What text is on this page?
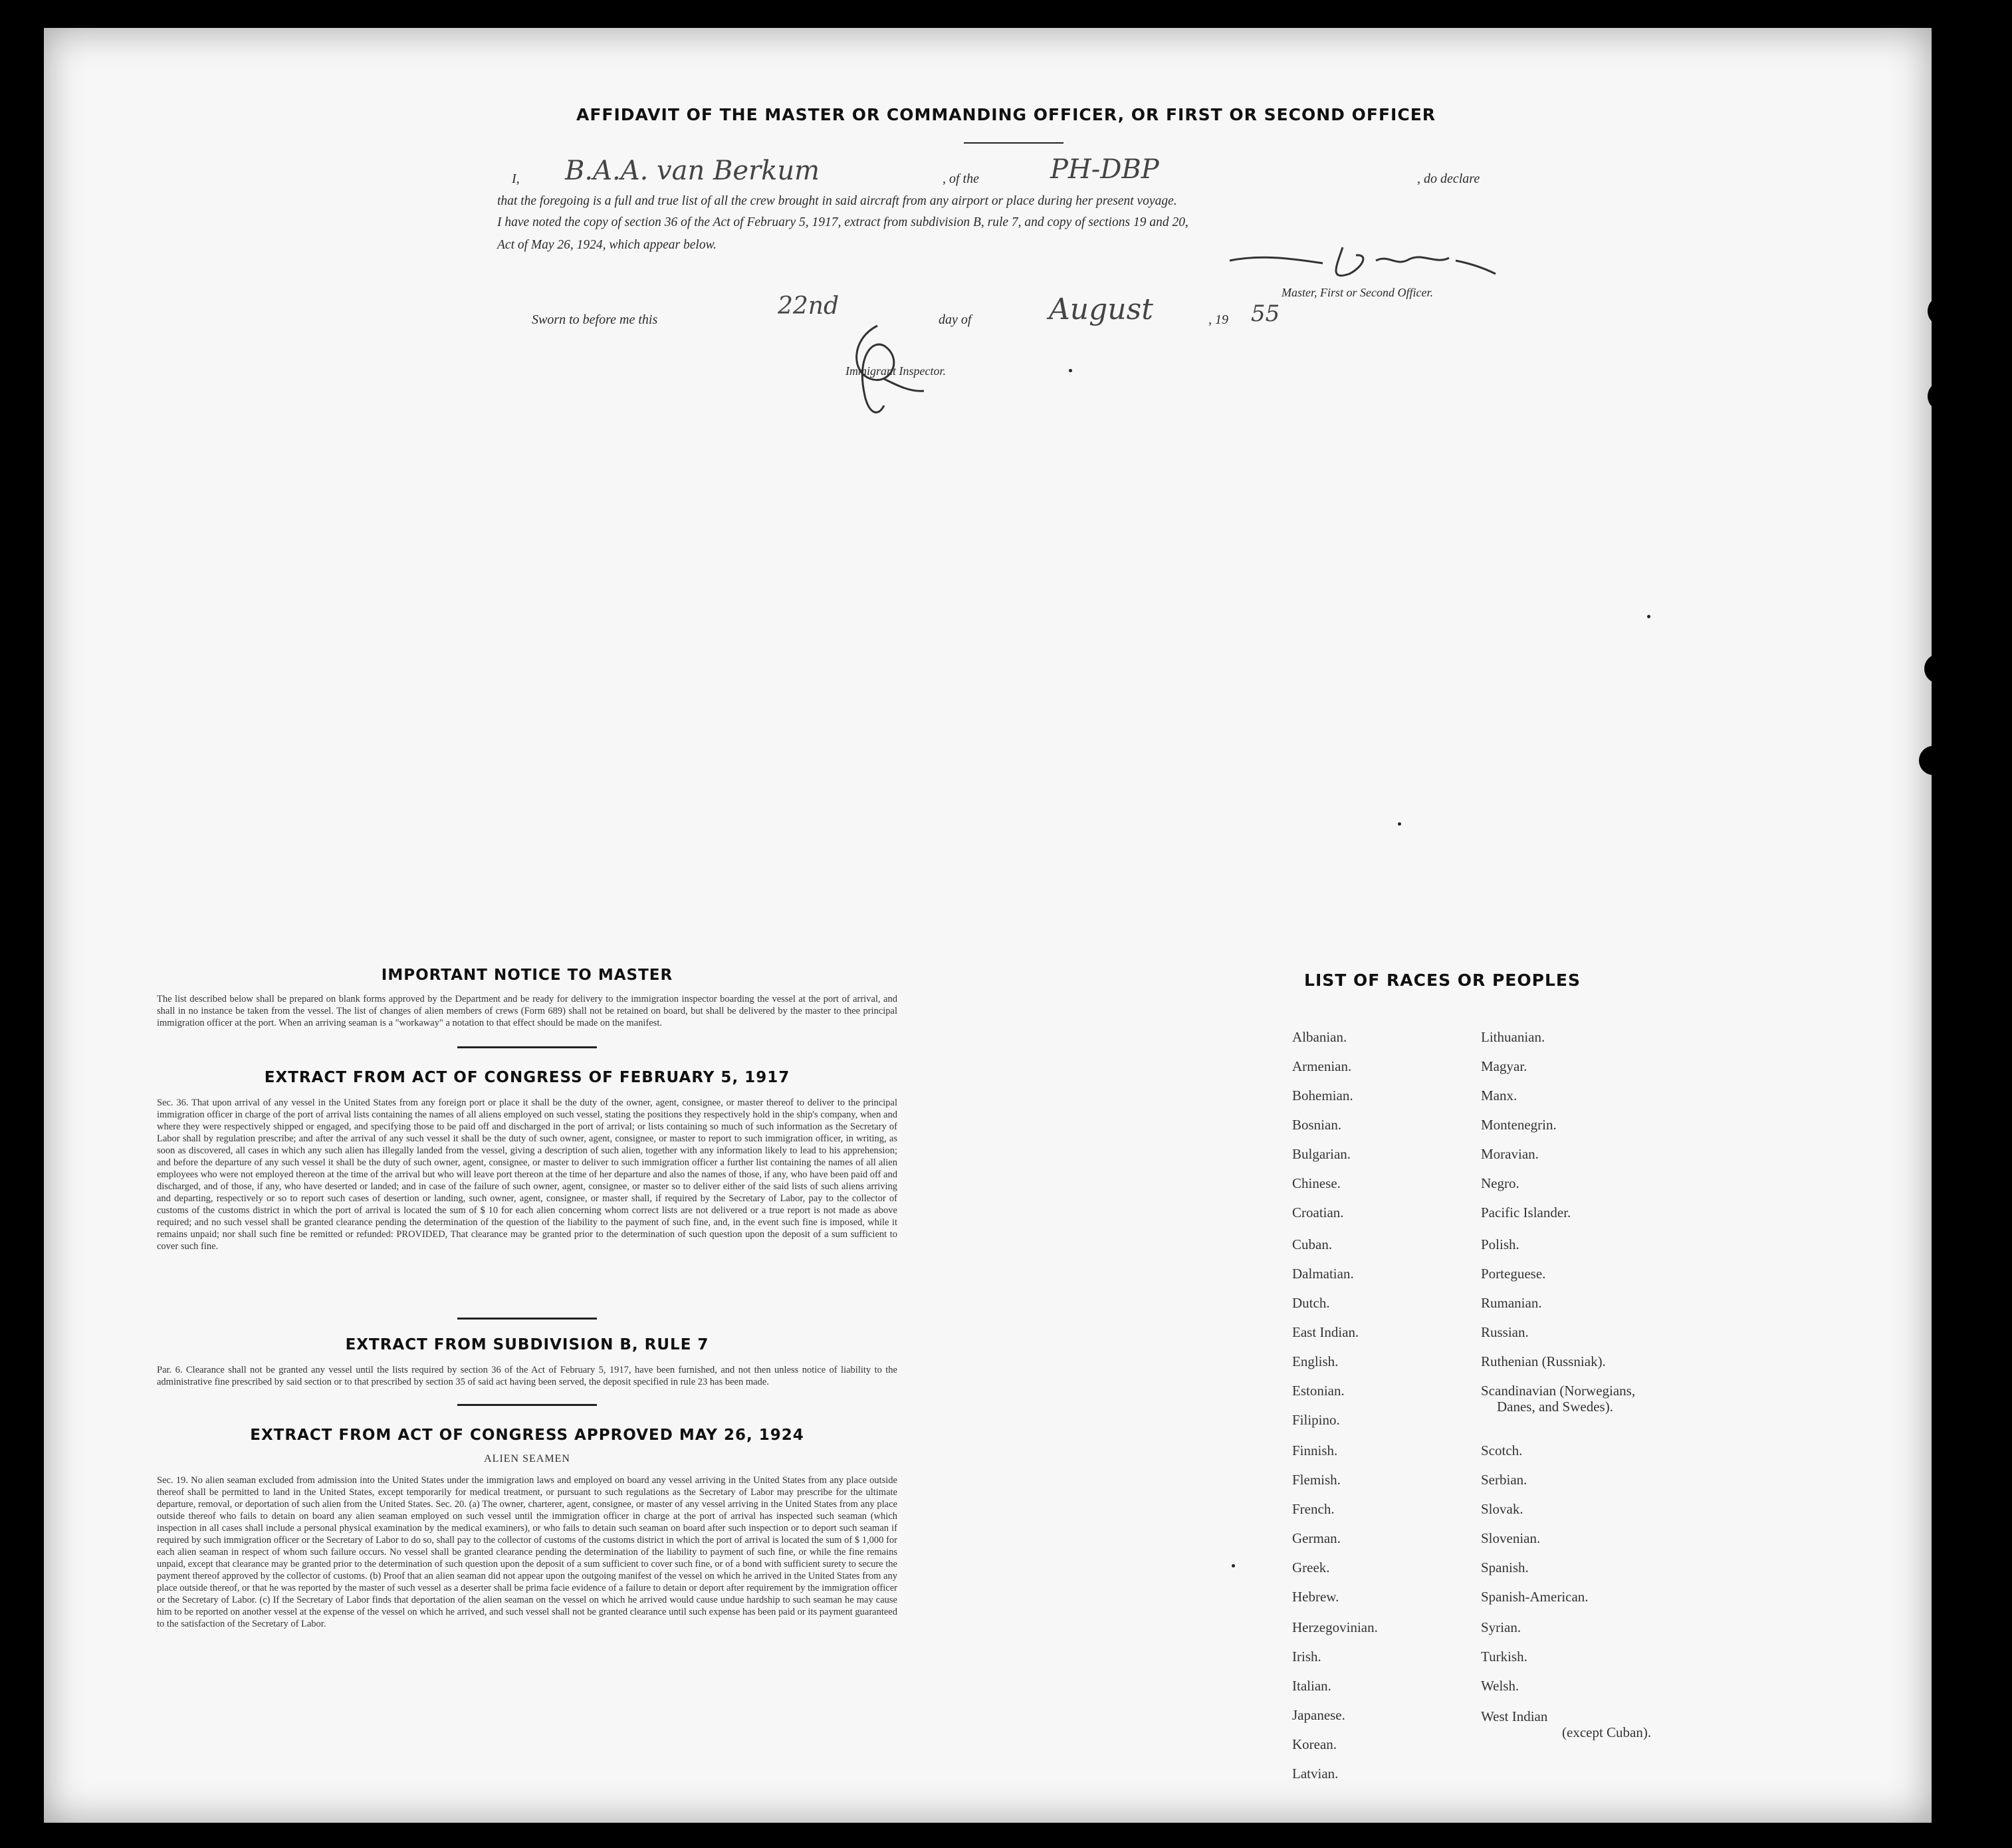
AFFIDAVIT OF THE MASTER OR COMMANDING OFFICER, OR FIRST OR SECOND OFFICER
I, B.A.A. van Berkum	, of the	PH-DBP	, do declare
that the foregoing is a full and true list of all the crew brought in said aircraft from any airport or place during her present voyage.
I have noted the copy of section 36 of the Act of February 5, 1917, extract from subdivision B, rule 7, and copy of sections 19 and 20,
Act of May 26, 1924, which appear below.
Master, First or Second Officer.
Sworn to before me this	22nd	day of	August	, 19 55
Immigrant Inspector.
IMPORTANT NOTICE TO MASTER
The list described below shall be prepared on blank forms approved by the Department and be ready for delivery to the immigration inspector boarding the vessel at the port of arrival, and shall in no instance be taken from the vessel. The list of changes of alien members of crews (Form 689) shall not be retained on board, but shall be delivered by the master to thee principal immigration officer at the port. When an arriving seaman is a "workaway" a notation to that effect should be made on the manifest.
EXTRACT FROM ACT OF CONGRESS OF FEBRUARY 5, 1917
Sec. 36. That upon arrival of any vessel in the United States from any foreign port or place it shall be the duty of the owner, agent, consignee, or master thereof to deliver to the principal immigration officer in charge of the port of arrival lists containing the names of all aliens employed on such vessel, stating the positions they respectively hold in the ship's company, when and where they were respectively shipped or engaged, and specifying those to be paid off and discharged in the port of arrival; or lists containing so much of such information as the Secretary of Labor shall by regulation prescribe; and after the arrival of any such vessel it shall be the duty of such owner, agent, consignee, or master to report to such immigration officer, in writing, as soon as discovered, all cases in which any such alien has illegally landed from the vessel, giving a description of such alien, together with any information likely to lead to his apprehension; and before the departure of any such vessel it shall be the duty of such owner, agent, consignee, or master to deliver to such immigration officer a further list containing the names of all alien employees who were not employed thereon at the time of the arrival but who will leave port thereon at the time of her departure and also the names of those, if any, who have been paid off and discharged, and of those, if any, who have deserted or landed; and in case of the failure of such owner, agent, consignee, or master so to deliver either of the said lists of such aliens arriving and departing, respectively or so to report such cases of desertion or landing, such owner, agent, consignee, or master shall, if required by the Secretary of Labor, pay to the collector of customs of the customs district in which the port of arrival is located the sum of $ 10 for each alien concerning whom correct lists are not delivered or a true report is not made as above required; and no such vessel shall be granted clearance pending the determination of the question of the liability to the payment of such fine, and, in the event such fine is imposed, while it remains unpaid; nor shall such fine be remitted or refunded: PROVIDED, That clearance may be granted prior to the determination of such question upon the deposit of a sum sufficient to cover such fine.
EXTRACT FROM SUBDIVISION B, RULE 7
Par. 6. Clearance shall not be granted any vessel until the lists required by section 36 of the Act of February 5, 1917, have been furnished, and not then unless notice of liability to the administrative fine prescribed by said section or to that prescribed by section 35 of said act having been served, the deposit specified in rule 23 has been made.
EXTRACT FROM ACT OF CONGRESS APPROVED MAY 26, 1924
ALIEN SEAMEN
Sec. 19. No alien seaman excluded from admission into the United States under the immigration laws and employed on board any vessel arriving in the United States from any place outside thereof shall be permitted to land in the United States, except temporarily for medical treatment, or pursuant to such regulations as the Secretary of Labor may prescribe for the ultimate departure, removal, or deportation of such alien from the United States. Sec. 20. (a) The owner, charterer, agent, consignee, or master of any vessel arriving in the United States from any place outside thereof who fails to detain on board any alien seaman employed on such vessel until the immigration officer in charge at the port of arrival has inspected such seaman (which inspection in all cases shall include a personal physical examination by the medical examiners), or who fails to detain such seaman on board after such inspection or to deport such seaman if required by such immigration officer or the Secretary of Labor to do so, shall pay to the collector of customs of the customs district in which the port of arrival is located the sum of $ 1,000 for each alien seaman in respect of whom such failure occurs. No vessel shall be granted clearance pending the determination of the liability to payment of such fine, or while the fine remains unpaid, except that clearance may be granted prior to the determination of such question upon the deposit of a sum sufficient to cover such fine, or of a bond with sufficient surety to secure the payment thereof approved by the collector of customs. (b) Proof that an alien seaman did not appear upon the outgoing manifest of the vessel on which he arrived in the United States from any place outside thereof, or that he was reported by the master of such vessel as a deserter shall be prima facie evidence of a failure to detain or deport after requirement by the immigration officer or the Secretary of Labor. (c) If the Secretary of Labor finds that deportation of the alien seaman on the vessel on which he arrived would cause undue hardship to such seaman he may cause him to be reported on another vessel at the expense of the vessel on which he arrived, and such vessel shall not be granted clearance until such expense has been paid or its payment guaranteed to the satisfaction of the Secretary of Labor.
LIST OF RACES OR PEOPLES
Albanian.
Armenian.
Bohemian.
Bosnian.
Bulgarian.
Chinese.
Croatian.
Cuban.
Dalmatian.
Dutch.
East Indian.
English.
Estonian.
Filipino.
Finnish.
Flemish.
French.
German.
Greek.
Hebrew.
Herzegovinian.
Irish.
Italian.
Japanese.
Korean.
Latvian.
Lithuanian.
Magyar.
Manx.
Montenegrin.
Moravian.
Negro.
Pacific Islander.
Polish.
Porteguese.
Rumanian.
Russian.
Ruthenian (Russniak).
Scandinavian (Norwegians,
Danes, and Swedes).
Scotch.
Serbian.
Slovak.
Slovenian.
Spanish.
Spanish-American.
Syrian.
Turkish.
Welsh.
West Indian
(except Cuban).
